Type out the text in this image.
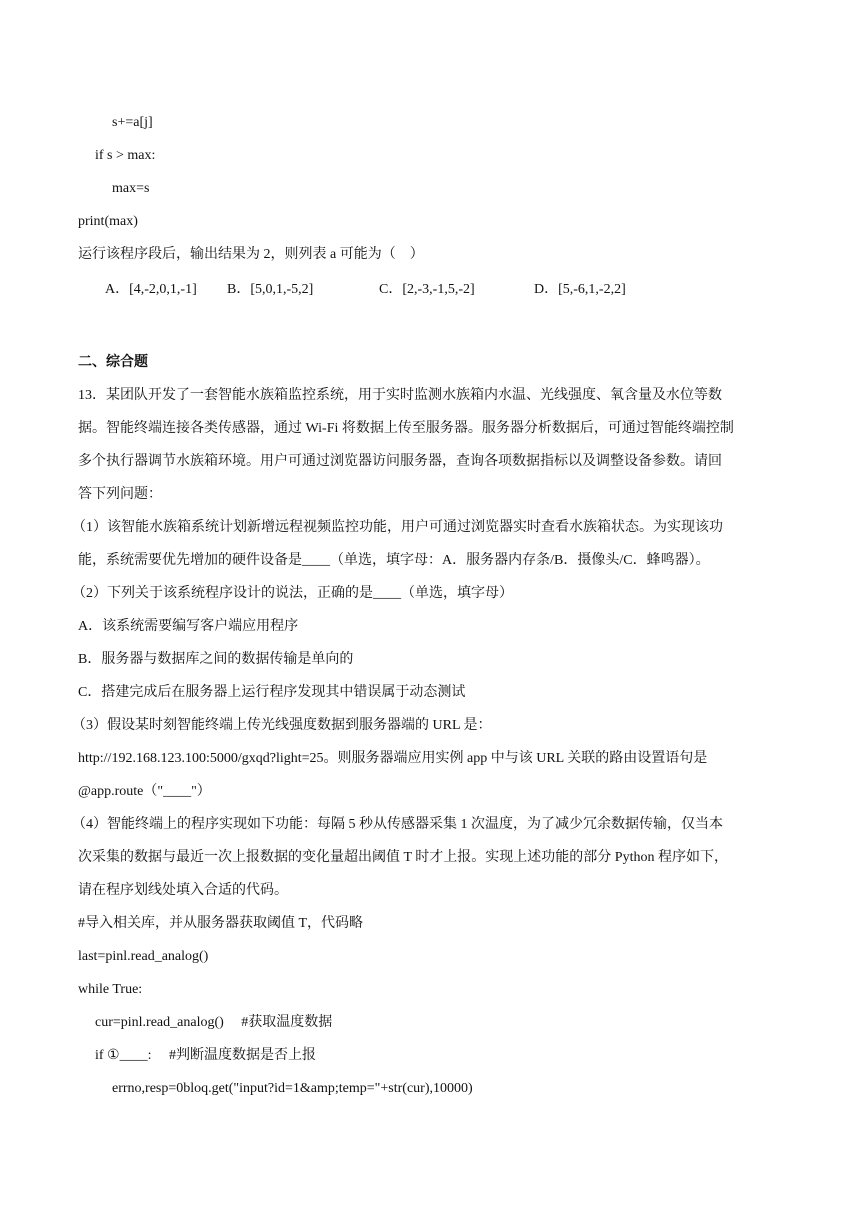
s+=a[j]
if s > max:
max=s
print(max)
运行该程序段后，输出结果为 2，则列表 a 可能为（　）
A．[4,-2,0,1,-1]	B．[5,0,1,-5,2]	C．[2,-3,-1,5,-2]	D．[5,-6,1,-2,2]
二、综合题
13．某团队开发了一套智能水族箱监控系统，用于实时监测水族箱内水温、光线强度、氧含量及水位等数
据。智能终端连接各类传感器，通过 Wi-Fi 将数据上传至服务器。服务器分析数据后，可通过智能终端控制
多个执行器调节水族箱环境。用户可通过浏览器访问服务器，查询各项数据指标以及调整设备参数。请回
答下列问题：
（1）该智能水族箱系统计划新增远程视频监控功能，用户可通过浏览器实时查看水族箱状态。为实现该功
能，系统需要优先增加的硬件设备是____（单选，填字母：A．服务器内存条/B．摄像头/C．蜂鸣器）。
（2）下列关于该系统程序设计的说法，正确的是____（单选，填字母）
A．该系统需要编写客户端应用程序
B．服务器与数据库之间的数据传输是单向的
C．搭建完成后在服务器上运行程序发现其中错误属于动态测试
（3）假设某时刻智能终端上传光线强度数据到服务器端的 URL 是：
http://192.168.123.100:5000/gxqd?light=25。则服务器端应用实例 app 中与该 URL 关联的路由设置语句是
@app.route（"____"）
（4）智能终端上的程序实现如下功能：每隔 5 秒从传感器采集 1 次温度，为了减少冗余数据传输，仅当本
次采集的数据与最近一次上报数据的变化量超出阈值 T 时才上报。实现上述功能的部分 Python 程序如下，
请在程序划线处填入合适的代码。
#导入相关库，并从服务器获取阈值 T，代码略
last=pinl.read_analog()
while True:
cur=pinl.read_analog()　 #获取温度数据
if ①____:　 #判断温度数据是否上报
errno,resp=0bloq.get("input?id=1&amp;temp="+str(cur),10000)
